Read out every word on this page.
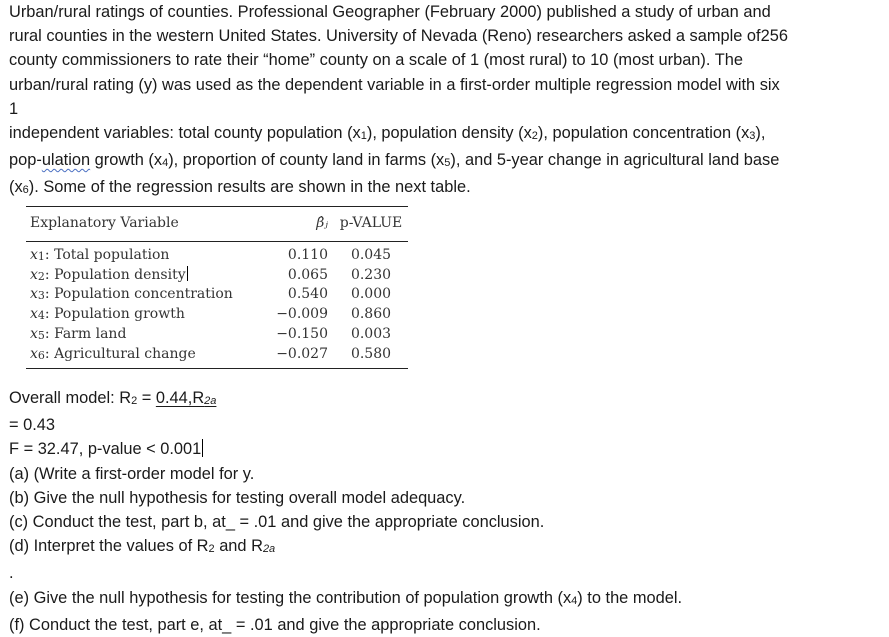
Urban/rural ratings of counties. Professional Geographer (February 2000) published a study of urban and
rural counties in the western United States. University of Nevada (Reno) researchers asked a sample of256
county commissioners to rate their “home” county on a scale of 1 (most rural) to 10 (most urban). The
urban/rural rating (y) was used as the dependent variable in a first-order multiple regression model with six
1
independent variables: total county population (x1), population density (x2), population concentration (x3),
pop-ulation growth (x4), proportion of county land in farms (x5), and 5-year change in agricultural land base
(x6). Some of the regression results are shown in the next table.
Explanatory Variable	β̂ⱼ p-VALUE
x1: Total population	0.110	0.045
x2: Population density	0.065	0.230
x3: Population concentration	0.540	0.000
x4: Population growth	−0.009	0.860
x5: Farm land	−0.150	0.003
x6: Agricultural change	−0.027	0.580
Overall model: R2 = 0.44,R2a
= 0.43
F = 32.47, p-value < 0.001
(a) (Write a first-order model for y.
(b) Give the null hypothesis for testing overall model adequacy.
(c) Conduct the test, part b, at_ = .01 and give the appropriate conclusion.
(d) Interpret the values of R2 and R2a
.
(e) Give the null hypothesis for testing the contribution of population growth (x4) to the model.
(f) Conduct the test, part e, at_ = .01 and give the appropriate conclusion.
